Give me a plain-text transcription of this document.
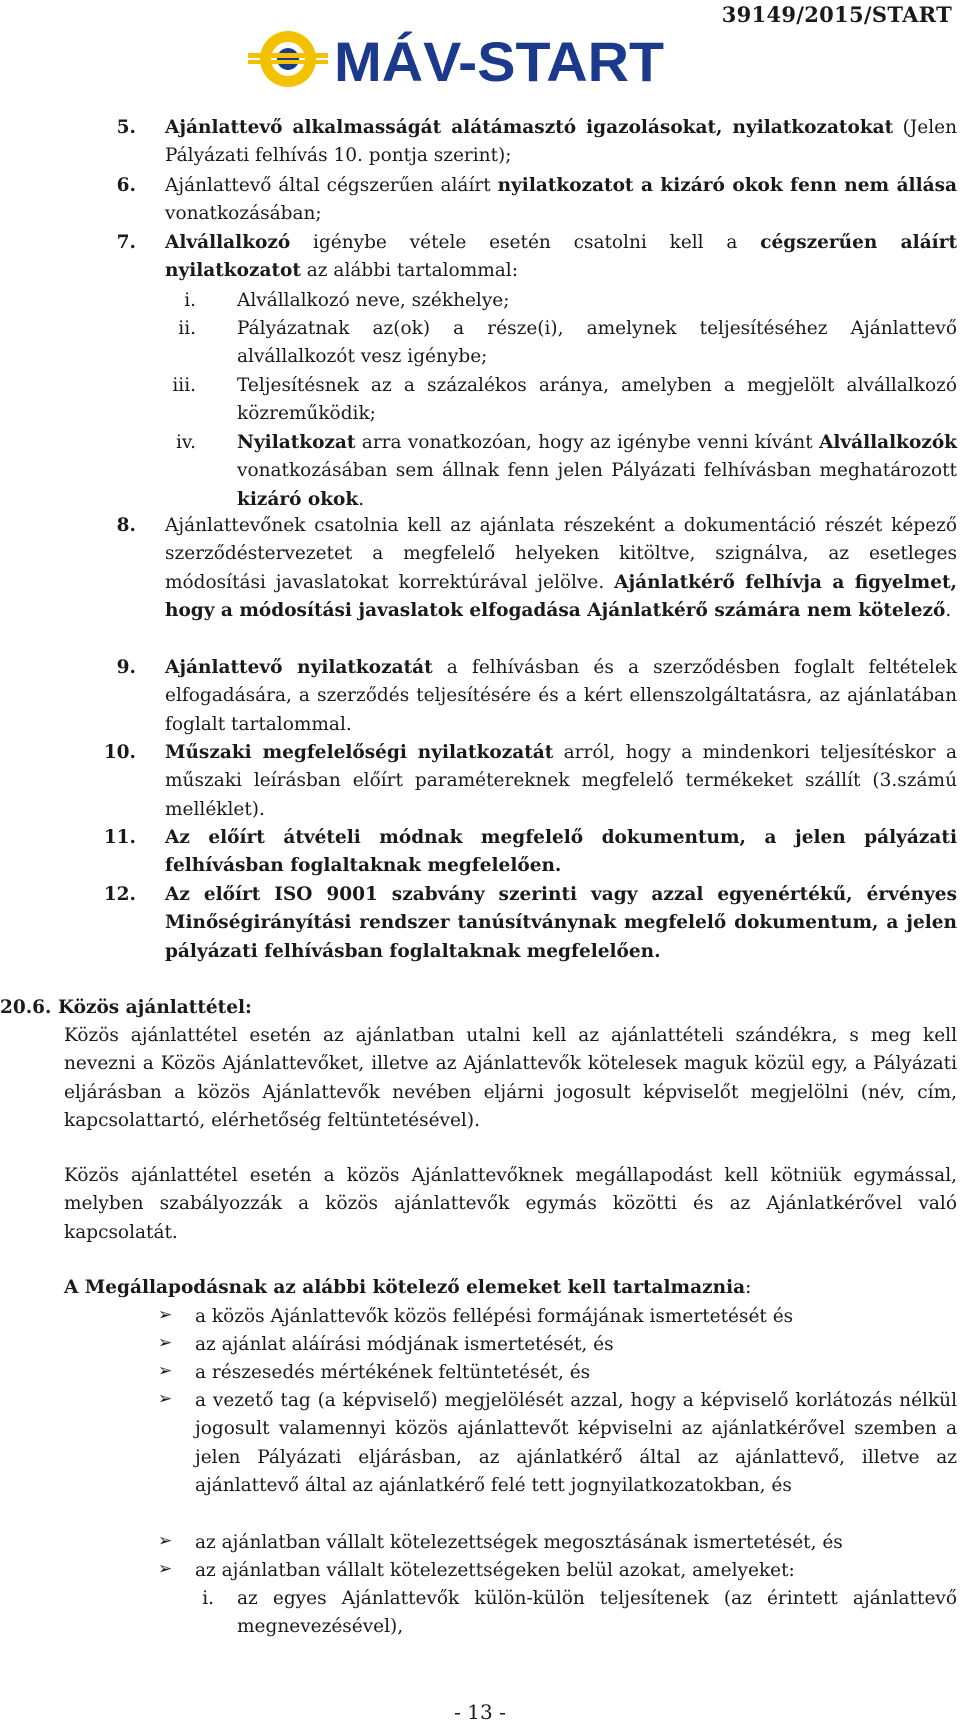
39149/2015/START
MÁV-START
5. Ajánlattevő alkalmasságát alátámasztó igazolásokat, nyilatkozatokat (Jelen Pályázati felhívás 10. pontja szerint);
6. Ajánlattevő által cégszerűen aláírt nyilatkozatot a kizáró okok fenn nem állása vonatkozásában;
7. Alvállalkozó igénybe vétele esetén csatolni kell a cégszerűen aláírt nyilatkozatot az alábbi tartalommal:
i. Alvállalkozó neve, székhelye;
ii. Pályázatnak az(ok) a része(i), amelynek teljesítéséhez Ajánlattevő alvállalkozót vesz igénybe;
iii. Teljesítésnek az a százalékos aránya, amelyben a megjelölt alvállalkozó közreműködik;
iv. Nyilatkozat arra vonatkozóan, hogy az igénybe venni kívánt Alvállalkozók vonatkozásában sem állnak fenn jelen Pályázati felhívásban meghatározott kizáró okok.
8. Ajánlattevőnek csatolnia kell az ajánlata részeként a dokumentáció részét képező szerződéstervezetet a megfelelő helyeken kitöltve, szignálva, az esetleges módosítási javaslatokat korrektúrával jelölve. Ajánlatkérő felhívja a figyelmet, hogy a módosítási javaslatok elfogadása Ajánlatkérő számára nem kötelező.
9. Ajánlattevő nyilatkozatát a felhívásban és a szerződésben foglalt feltételek elfogadására, a szerződés teljesítésére és a kért ellenszolgáltatásra, az ajánlatában foglalt tartalommal.
10. Műszaki megfelelőségi nyilatkozatát arról, hogy a mindenkori teljesítéskor a műszaki leírásban előírt paramétereknek megfelelő termékeket szállít (3.számú melléklet).
11. Az előírt átvételi módnak megfelelő dokumentum, a jelen pályázati felhívásban foglaltaknak megfelelően.
12. Az előírt ISO 9001 szabvány szerinti vagy azzal egyenértékű, érvényes Minőségirányítási rendszer tanúsítványnak megfelelő dokumentum, a jelen pályázati felhívásban foglaltaknak megfelelően.
20.6. Közös ajánlattétel:
Közös ajánlattétel esetén az ajánlatban utalni kell az ajánlattételi szándékra, s meg kell nevezni a Közös Ajánlattevőket, illetve az Ajánlattevők kötelesek maguk közül egy, a Pályázati eljárásban a közös Ajánlattevők nevében eljárni jogosult képviselőt megjelölni (név, cím, kapcsolattartó, elérhetőség feltüntetésével).
Közös ajánlattétel esetén a közös Ajánlattevőknek megállapodást kell kötniük egymással, melyben szabályozzák a közös ajánlattevők egymás közötti és az Ajánlatkérővel való kapcsolatát.
A Megállapodásnak az alábbi kötelező elemeket kell tartalmaznia:
➢ a közös Ajánlattevők közös fellépési formájának ismertetését és
➢ az ajánlat aláírási módjának ismertetését, és
➢ a részesedés mértékének feltüntetését, és
➢ a vezető tag (a képviselő) megjelölését azzal, hogy a képviselő korlátozás nélkül jogosult valamennyi közös ajánlattevőt képviselni az ajánlatkérővel szemben a jelen Pályázati eljárásban, az ajánlatkérő által az ajánlattevő, illetve az ajánlattevő által az ajánlatkérő felé tett jognyilatkozatokban, és
➢ az ajánlatban vállalt kötelezettségek megosztásának ismertetését, és
➢ az ajánlatban vállalt kötelezettségeken belül azokat, amelyeket:
i. az egyes Ajánlattevők külön-külön teljesítenek (az érintett ajánlattevő megnevezésével),
- 13 -
